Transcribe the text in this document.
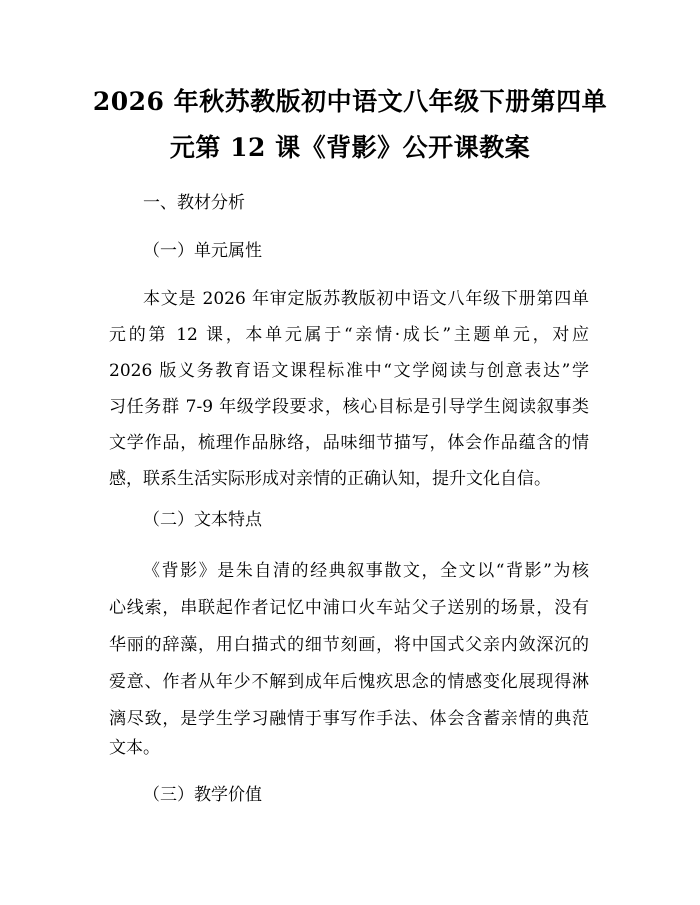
2026 年秋苏教版初中语文八年级下册第四单
元第 12 课《背影》公开课教案
一、教材分析
（一）单元属性
本文是 2026 年审定版苏教版初中语文八年级下册第四单
元的第 12 课，本单元属于“亲情·成长”主题单元，对应
2026 版义务教育语文课程标准中“文学阅读与创意表达”学
习任务群 7-9 年级学段要求，核心目标是引导学生阅读叙事类
文学作品，梳理作品脉络，品味细节描写，体会作品蕴含的情
感，联系生活实际形成对亲情的正确认知，提升文化自信。
（二）文本特点
《背影》是朱自清的经典叙事散文，全文以“背影”为核
心线索，串联起作者记忆中浦口火车站父子送别的场景，没有
华丽的辞藻，用白描式的细节刻画，将中国式父亲内敛深沉的
爱意、作者从年少不解到成年后愧疚思念的情感变化展现得淋
漓尽致，是学生学习融情于事写作手法、体会含蓄亲情的典范
文本。
（三）教学价值
